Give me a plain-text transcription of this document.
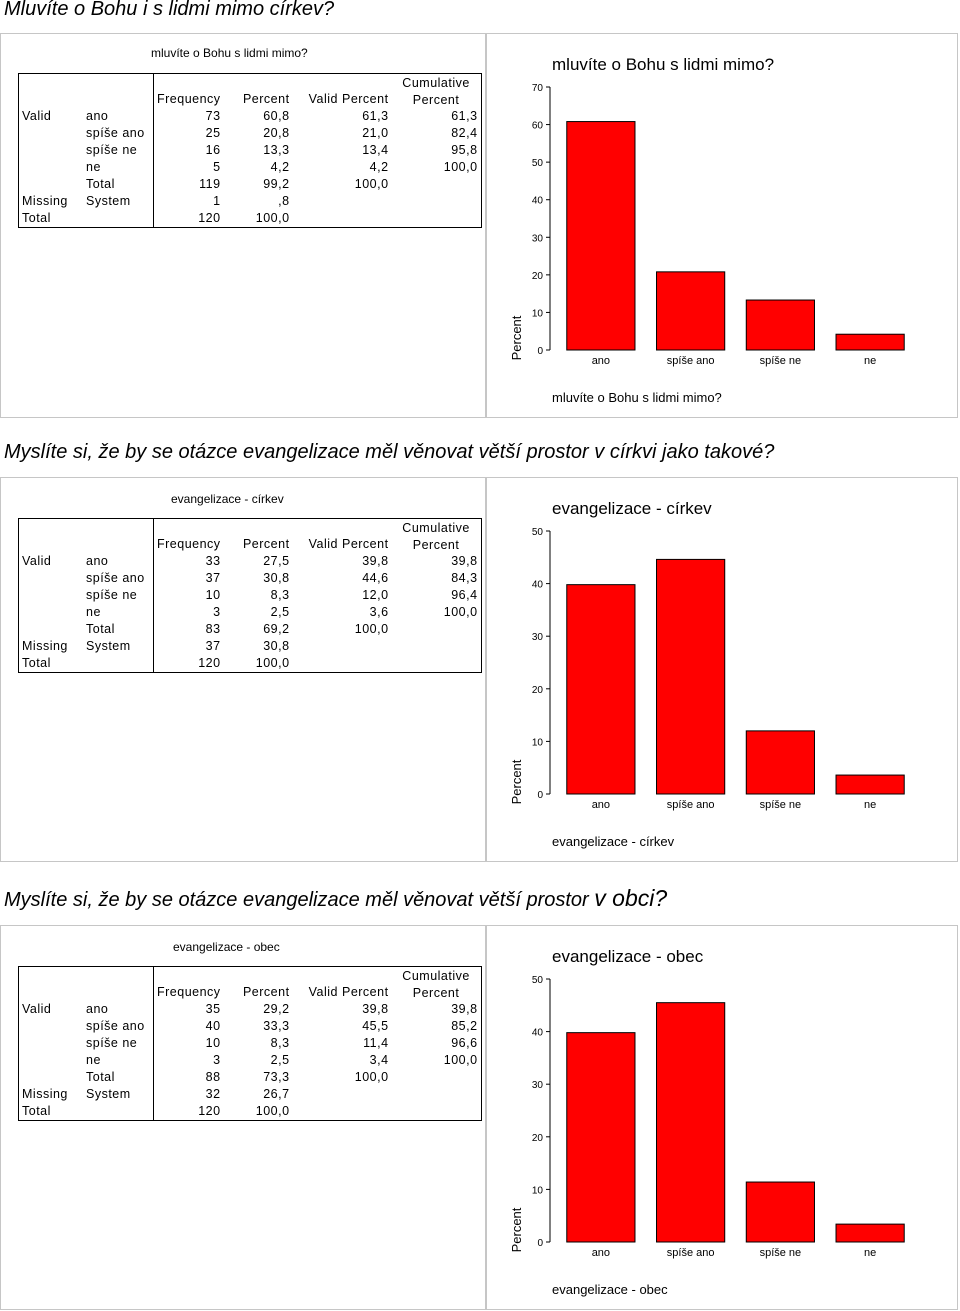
Mluvíte o Bohu i s lidmi mimo církev?
Myslíte si, že by se otázce evangelizace měl věnovat větší prostor v církvi jako takové?
Myslíte si, že by se otázce evangelizace měl věnovat větší prostor v obci?
mluvíte o Bohu s lidmi mimo?
					Cumulative
		Frequency	Percent	Valid Percent	Percent
Valid	ano	73	60,8	61,3	61,3
	spíše ano	25	20,8	21,0	82,4
	spíše ne	16	13,3	13,4	95,8
	ne	5	4,2	4,2	100,0
	Total	119	99,2	100,0	
Missing	System	1	,8		
Total		120	100,0		
mluvíte o Bohu s lidmi mimo?
0
10
20
30
40
50
60
70
Percent
ano	spíše ano	spíše ne	ne
mluvíte o Bohu s lidmi mimo?
evangelizace - církev
					Cumulative
		Frequency	Percent	Valid Percent	Percent
Valid	ano	33	27,5	39,8	39,8
	spíše ano	37	30,8	44,6	84,3
	spíše ne	10	8,3	12,0	96,4
	ne	3	2,5	3,6	100,0
	Total	83	69,2	100,0	
Missing	System	37	30,8		
Total		120	100,0		
evangelizace - církev
0
10
20
30
40
50
Percent
ano	spíše ano	spíše ne	ne
evangelizace - církev
evangelizace - obec
					Cumulative
		Frequency	Percent	Valid Percent	Percent
Valid	ano	35	29,2	39,8	39,8
	spíše ano	40	33,3	45,5	85,2
	spíše ne	10	8,3	11,4	96,6
	ne	3	2,5	3,4	100,0
	Total	88	73,3	100,0	
Missing	System	32	26,7		
Total		120	100,0		
evangelizace - obec
0
10
20
30
40
50
Percent
ano	spíše ano	spíše ne	ne
evangelizace - obec
